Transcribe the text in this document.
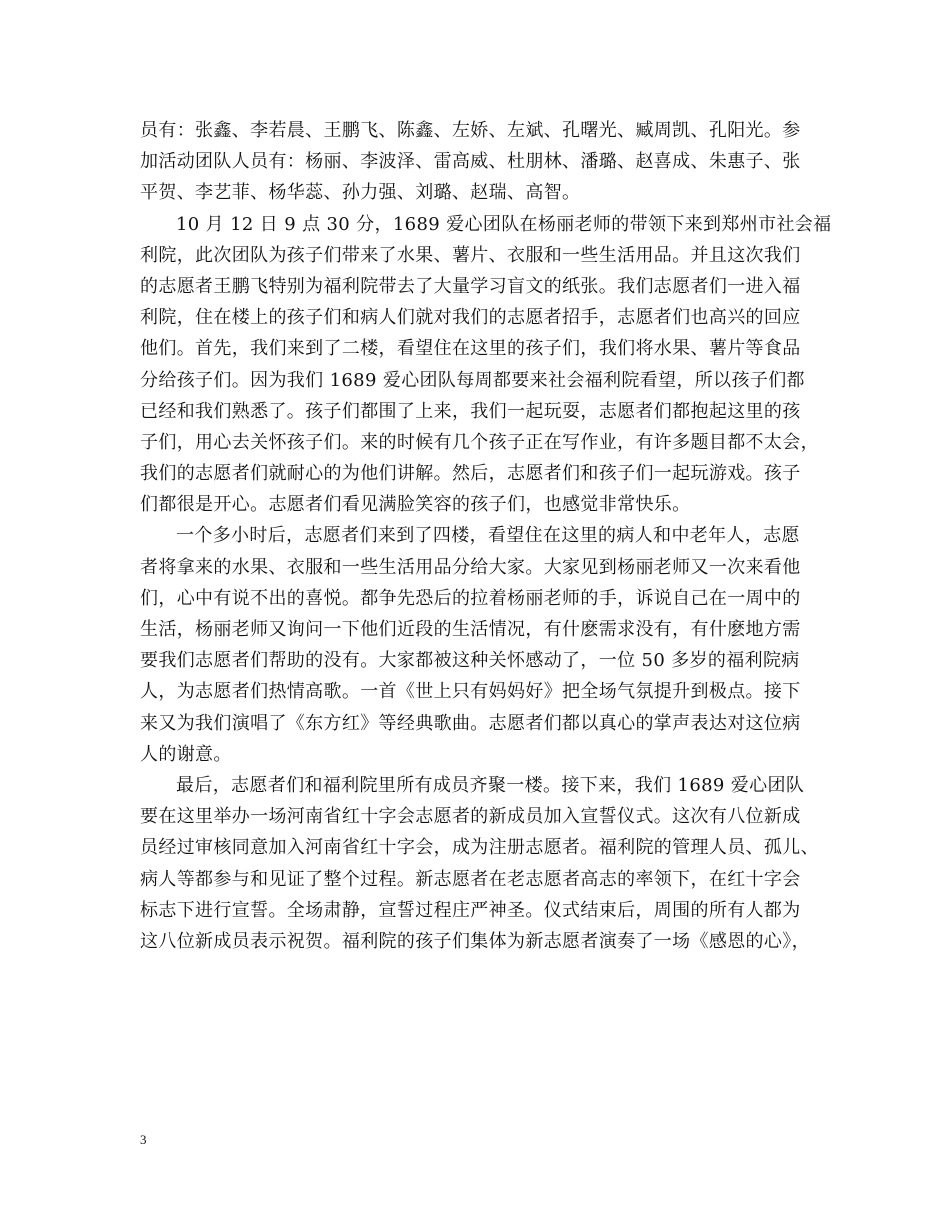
员有：张鑫、李若晨、王鹏飞、陈鑫、左娇、左斌、孔曙光、臧周凯、孔阳光。参
加活动团队人员有：杨丽、李波泽、雷高威、杜朋林、潘璐、赵喜成、朱惠子、张
平贺、李艺菲、杨华蕊、孙力强、刘璐、赵瑞、高智。
10 月 12 日 9 点 30 分，1689 爱心团队在杨丽老师的带领下来到郑州市社会福
利院，此次团队为孩子们带来了水果、薯片、衣服和一些生活用品。并且这次我们
的志愿者王鹏飞特别为福利院带去了大量学习盲文的纸张。我们志愿者们一进入福
利院，住在楼上的孩子们和病人们就对我们的志愿者招手，志愿者们也高兴的回应
他们。首先，我们来到了二楼，看望住在这里的孩子们，我们将水果、薯片等食品
分给孩子们。因为我们 1689 爱心团队每周都要来社会福利院看望，所以孩子们都
已经和我们熟悉了。孩子们都围了上来，我们一起玩耍，志愿者们都抱起这里的孩
子们，用心去关怀孩子们。来的时候有几个孩子正在写作业，有许多题目都不太会，
我们的志愿者们就耐心的为他们讲解。然后，志愿者们和孩子们一起玩游戏。孩子
们都很是开心。志愿者们看见满脸笑容的孩子们，也感觉非常快乐。
一个多小时后，志愿者们来到了四楼，看望住在这里的病人和中老年人，志愿
者将拿来的水果、衣服和一些生活用品分给大家。大家见到杨丽老师又一次来看他
们，心中有说不出的喜悦。都争先恐后的拉着杨丽老师的手，诉说自己在一周中的
生活，杨丽老师又询问一下他们近段的生活情况，有什麽需求没有，有什麽地方需
要我们志愿者们帮助的没有。大家都被这种关怀感动了，一位 50 多岁的福利院病
人，为志愿者们热情高歌。一首《世上只有妈妈好》把全场气氛提升到极点。接下
来又为我们演唱了《东方红》等经典歌曲。志愿者们都以真心的掌声表达对这位病
人的谢意。
最后，志愿者们和福利院里所有成员齐聚一楼。接下来，我们 1689 爱心团队
要在这里举办一场河南省红十字会志愿者的新成员加入宣誓仪式。这次有八位新成
员经过审核同意加入河南省红十字会，成为注册志愿者。福利院的管理人员、孤儿、
病人等都参与和见证了整个过程。新志愿者在老志愿者高志的率领下，在红十字会
标志下进行宣誓。全场肃静，宣誓过程庄严神圣。仪式结束后，周围的所有人都为
这八位新成员表示祝贺。福利院的孩子们集体为新志愿者演奏了一场《感恩的心》，
3
